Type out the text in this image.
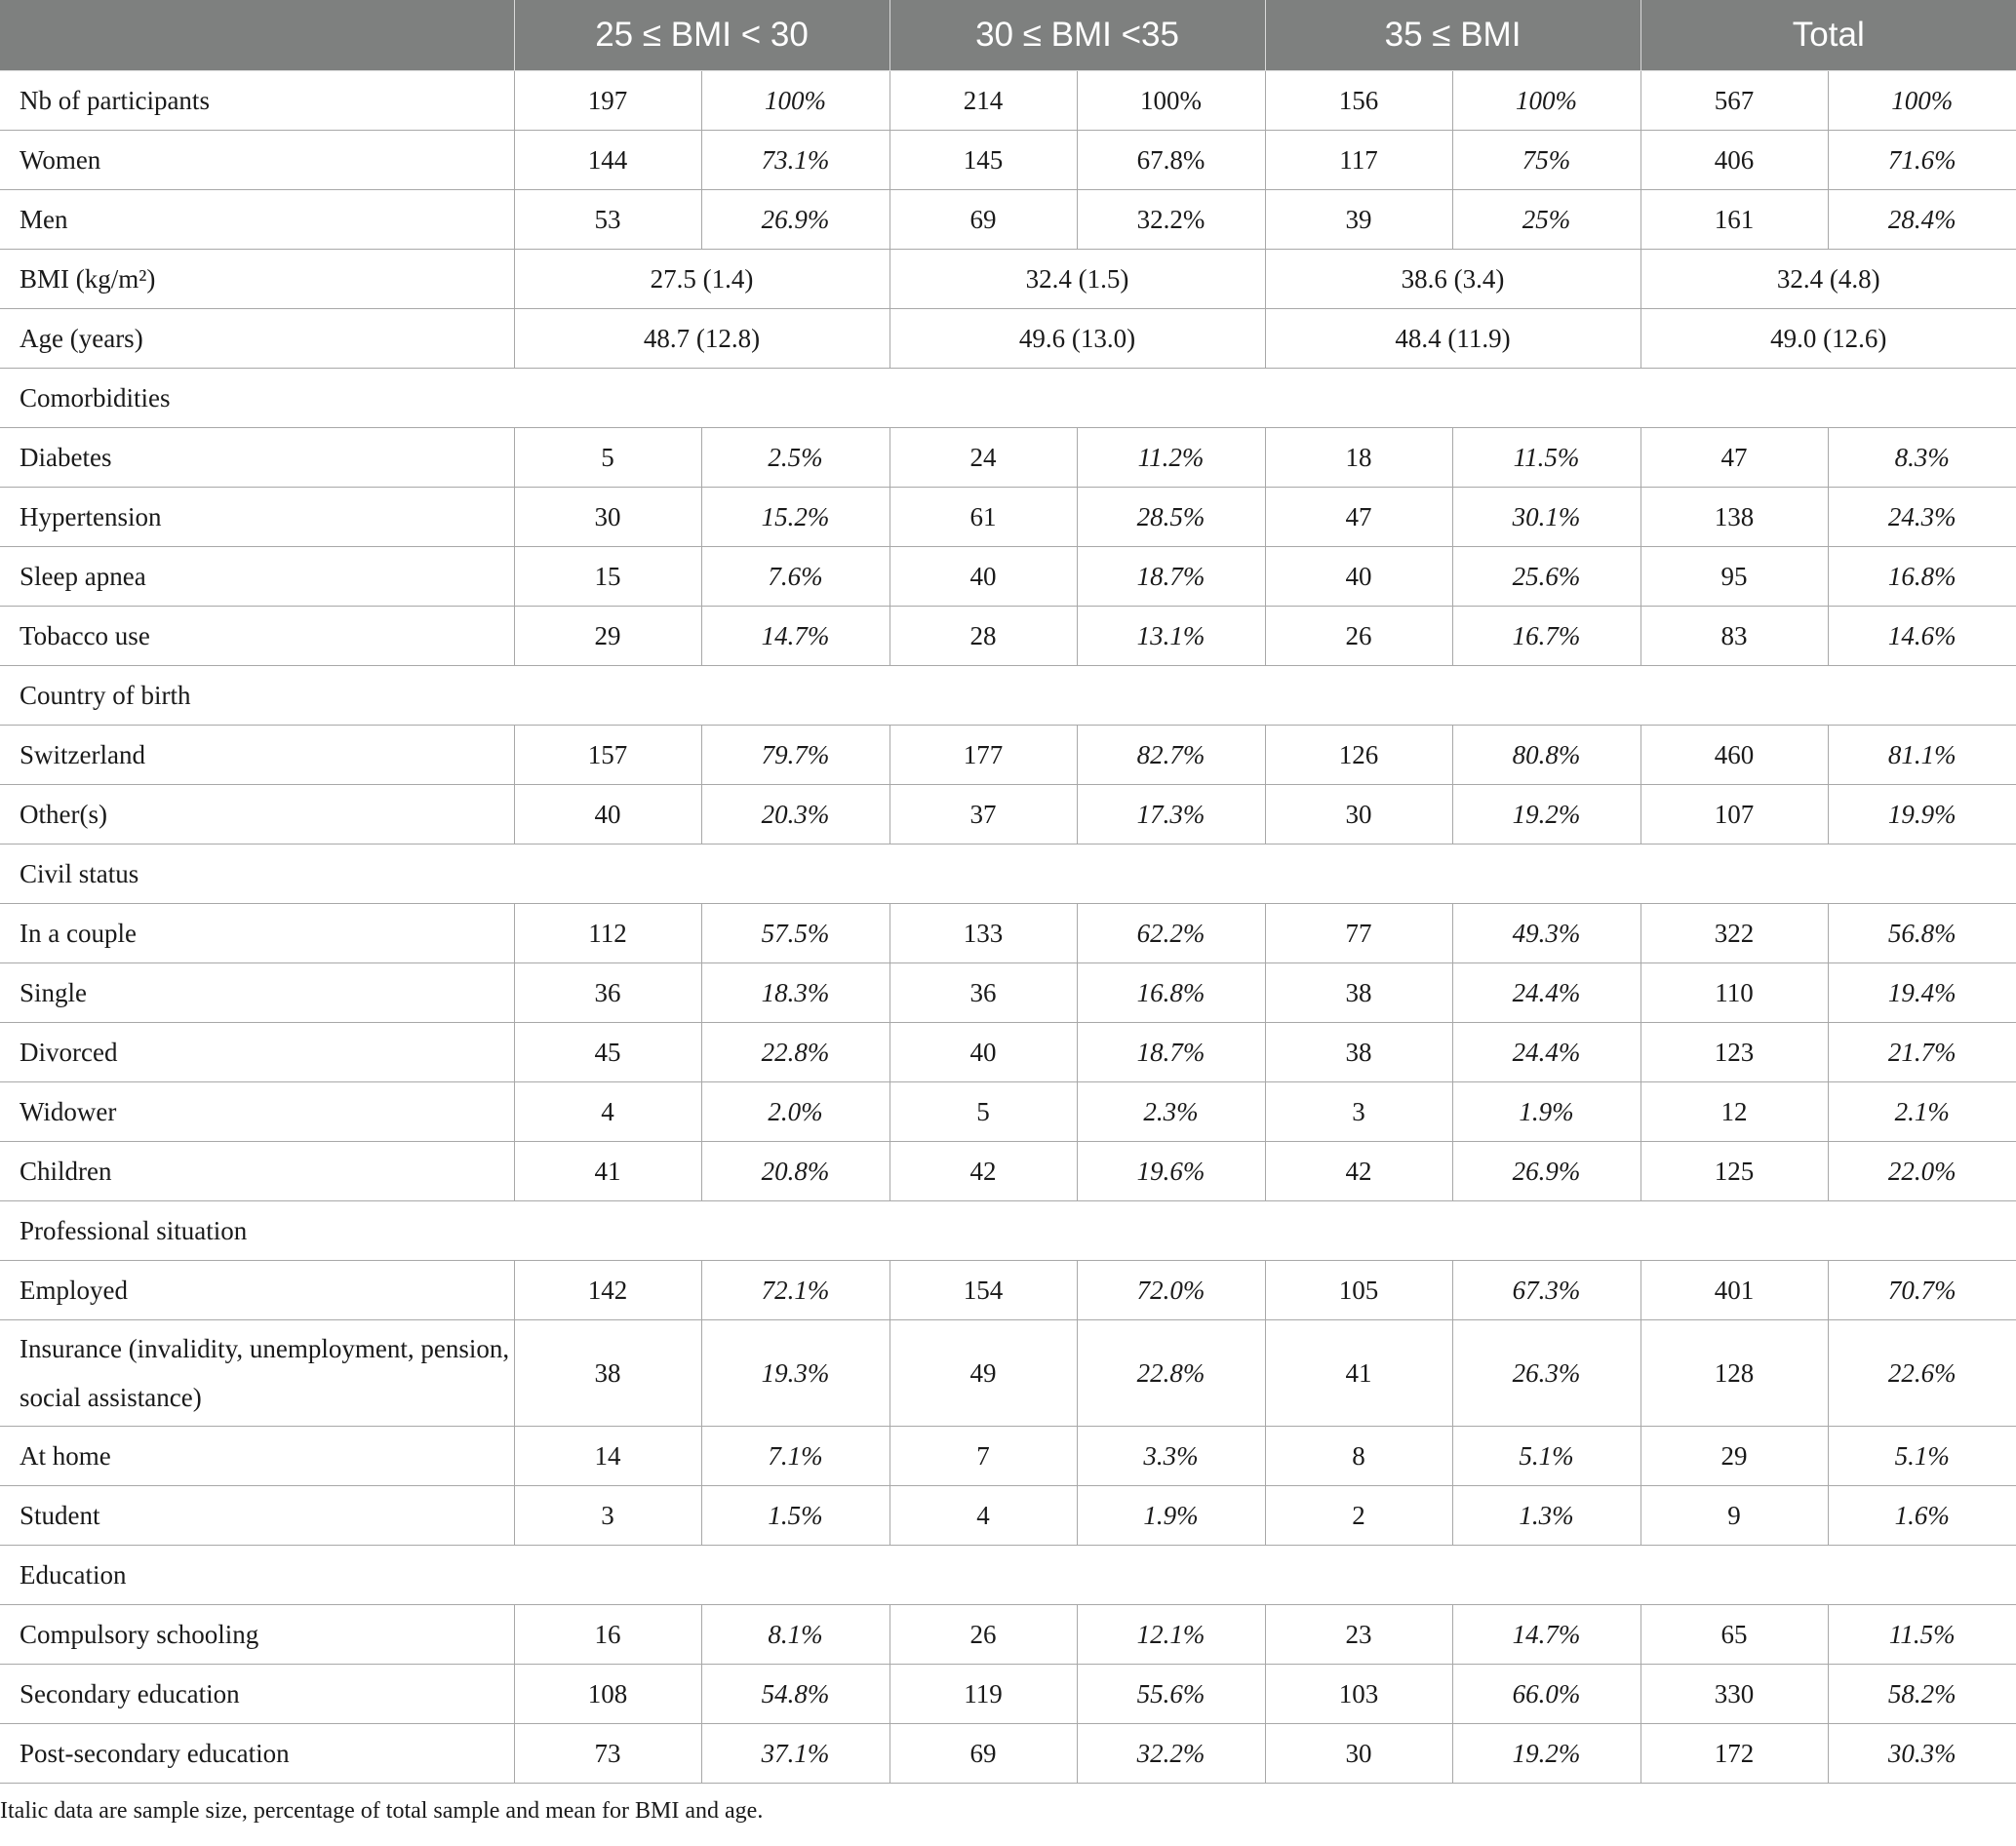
	25 ≤ BMI < 30		30 ≤ BMI <35		35 ≤ BMI		Total	
Nb of participants	197	100%	214	100%	156	100%	567	100%
Women	144	73.1%	145	67.8%	117	75%	406	71.6%
Men	53	26.9%	69	32.2%	39	25%	161	28.4%
BMI (kg/m²)	27.5 (1.4)		32.4 (1.5)		38.6 (3.4)		32.4 (4.8)	
Age (years)	48.7 (12.8)		49.6 (13.0)		48.4 (11.9)		49.0 (12.6)	
Comorbidities								
Diabetes	5	2.5%	24	11.2%	18	11.5%	47	8.3%
Hypertension	30	15.2%	61	28.5%	47	30.1%	138	24.3%
Sleep apnea	15	7.6%	40	18.7%	40	25.6%	95	16.8%
Tobacco use	29	14.7%	28	13.1%	26	16.7%	83	14.6%
Country of birth								
Switzerland	157	79.7%	177	82.7%	126	80.8%	460	81.1%
Other(s)	40	20.3%	37	17.3%	30	19.2%	107	19.9%
Civil status								
In a couple	112	57.5%	133	62.2%	77	49.3%	322	56.8%
Single	36	18.3%	36	16.8%	38	24.4%	110	19.4%
Divorced	45	22.8%	40	18.7%	38	24.4%	123	21.7%
Widower	4	2.0%	5	2.3%	3	1.9%	12	2.1%
Children	41	20.8%	42	19.6%	42	26.9%	125	22.0%
Professional situation								
Employed	142	72.1%	154	72.0%	105	67.3%	401	70.7%
Insurance (invalidity, unemployment, pension, social assistance)	38	19.3%	49	22.8%	41	26.3%	128	22.6%
At home	14	7.1%	7	3.3%	8	5.1%	29	5.1%
Student	3	1.5%	4	1.9%	2	1.3%	9	1.6%
Education								
Compulsory schooling	16	8.1%	26	12.1%	23	14.7%	65	11.5%
Secondary education	108	54.8%	119	55.6%	103	66.0%	330	58.2%
Post-secondary education	73	37.1%	69	32.2%	30	19.2%	172	30.3%
Italic data are sample size, percentage of total sample and mean for BMI and age.
